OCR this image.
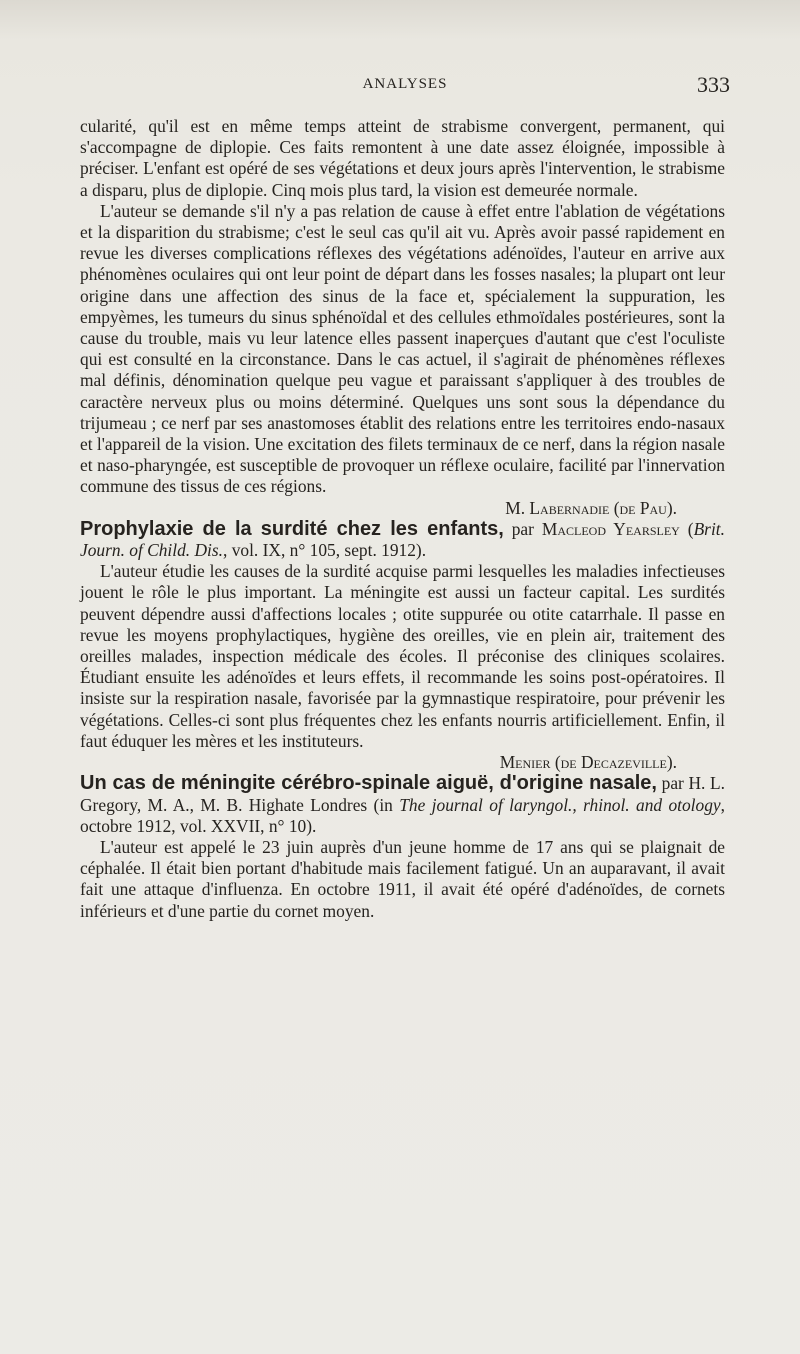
ANALYSES	333

cularité, qu'il est en même temps atteint de strabisme convergent, permanent, qui s'accompagne de diplopie. Ces faits remontent à une date assez éloignée, impossible à préciser. L'enfant est opéré de ses végétations et deux jours après l'intervention, le strabisme a disparu, plus de diplopie. Cinq mois plus tard, la vision est demeurée normale.

L'auteur se demande s'il n'y a pas relation de cause à effet entre l'ablation de végétations et la disparition du strabisme; c'est le seul cas qu'il ait vu. Après avoir passé rapidement en revue les diverses complications réflexes des végétations adénoïdes, l'auteur en arrive aux phénomènes oculaires qui ont leur point de départ dans les fosses nasales; la plupart ont leur origine dans une affection des sinus de la face et, spécialement la suppuration, les empyèmes, les tumeurs du sinus sphénoïdal et des cellules ethmoïdales postérieures, sont la cause du trouble, mais vu leur latence elles passent inaperçues d'autant que c'est l'oculiste qui est consulté en la circonstance. Dans le cas actuel, il s'agirait de phénomènes réflexes mal définis, dénomination quelque peu vague et paraissant s'appliquer à des troubles de caractère nerveux plus ou moins déterminé. Quelques uns sont sous la dépendance du trijumeau ; ce nerf par ses anastomoses établit des relations entre les territoires endo-nasaux et l'appareil de la vision. Une excitation des filets terminaux de ce nerf, dans la région nasale et naso-pharyngée, est susceptible de provoquer un réflexe oculaire, facilité par l'innervation commune des tissus de ces régions.

M. Labernadie (de Pau).

Prophylaxie de la surdité chez les enfants, par Macleod Yearsley (Brit. Journ. of Child. Dis., vol. IX, n° 105, sept. 1912).

L'auteur étudie les causes de la surdité acquise parmi lesquelles les maladies infectieuses jouent le rôle le plus important. La méningite est aussi un facteur capital. Les surdités peuvent dépendre aussi d'affections locales ; otite suppurée ou otite catarrhale. Il passe en revue les moyens prophylactiques, hygiène des oreilles, vie en plein air, traitement des oreilles malades, inspection médicale des écoles. Il préconise des cliniques scolaires. Étudiant ensuite les adénoïdes et leurs effets, il recommande les soins post-opératoires. Il insiste sur la respiration nasale, favorisée par la gymnastique respiratoire, pour prévenir les végétations. Celles-ci sont plus fréquentes chez les enfants nourris artificiellement. Enfin, il faut éduquer les mères et les instituteurs.

Menier (de Decazeville).

Un cas de méningite cérébro-spinale aiguë, d'origine nasale, par H. L. Gregory, M. A., M. B. Highate Londres (in The journal of laryngol., rhinol. and otology, octobre 1912, vol. XXVII, n° 10).

L'auteur est appelé le 23 juin auprès d'un jeune homme de 17 ans qui se plaignait de céphalée. Il était bien portant d'habitude mais facilement fatigué. Un an auparavant, il avait fait une attaque d'influenza. En octobre 1911, il avait été opéré d'adénoïdes, de cornets inférieurs et d'une partie du cornet moyen.
